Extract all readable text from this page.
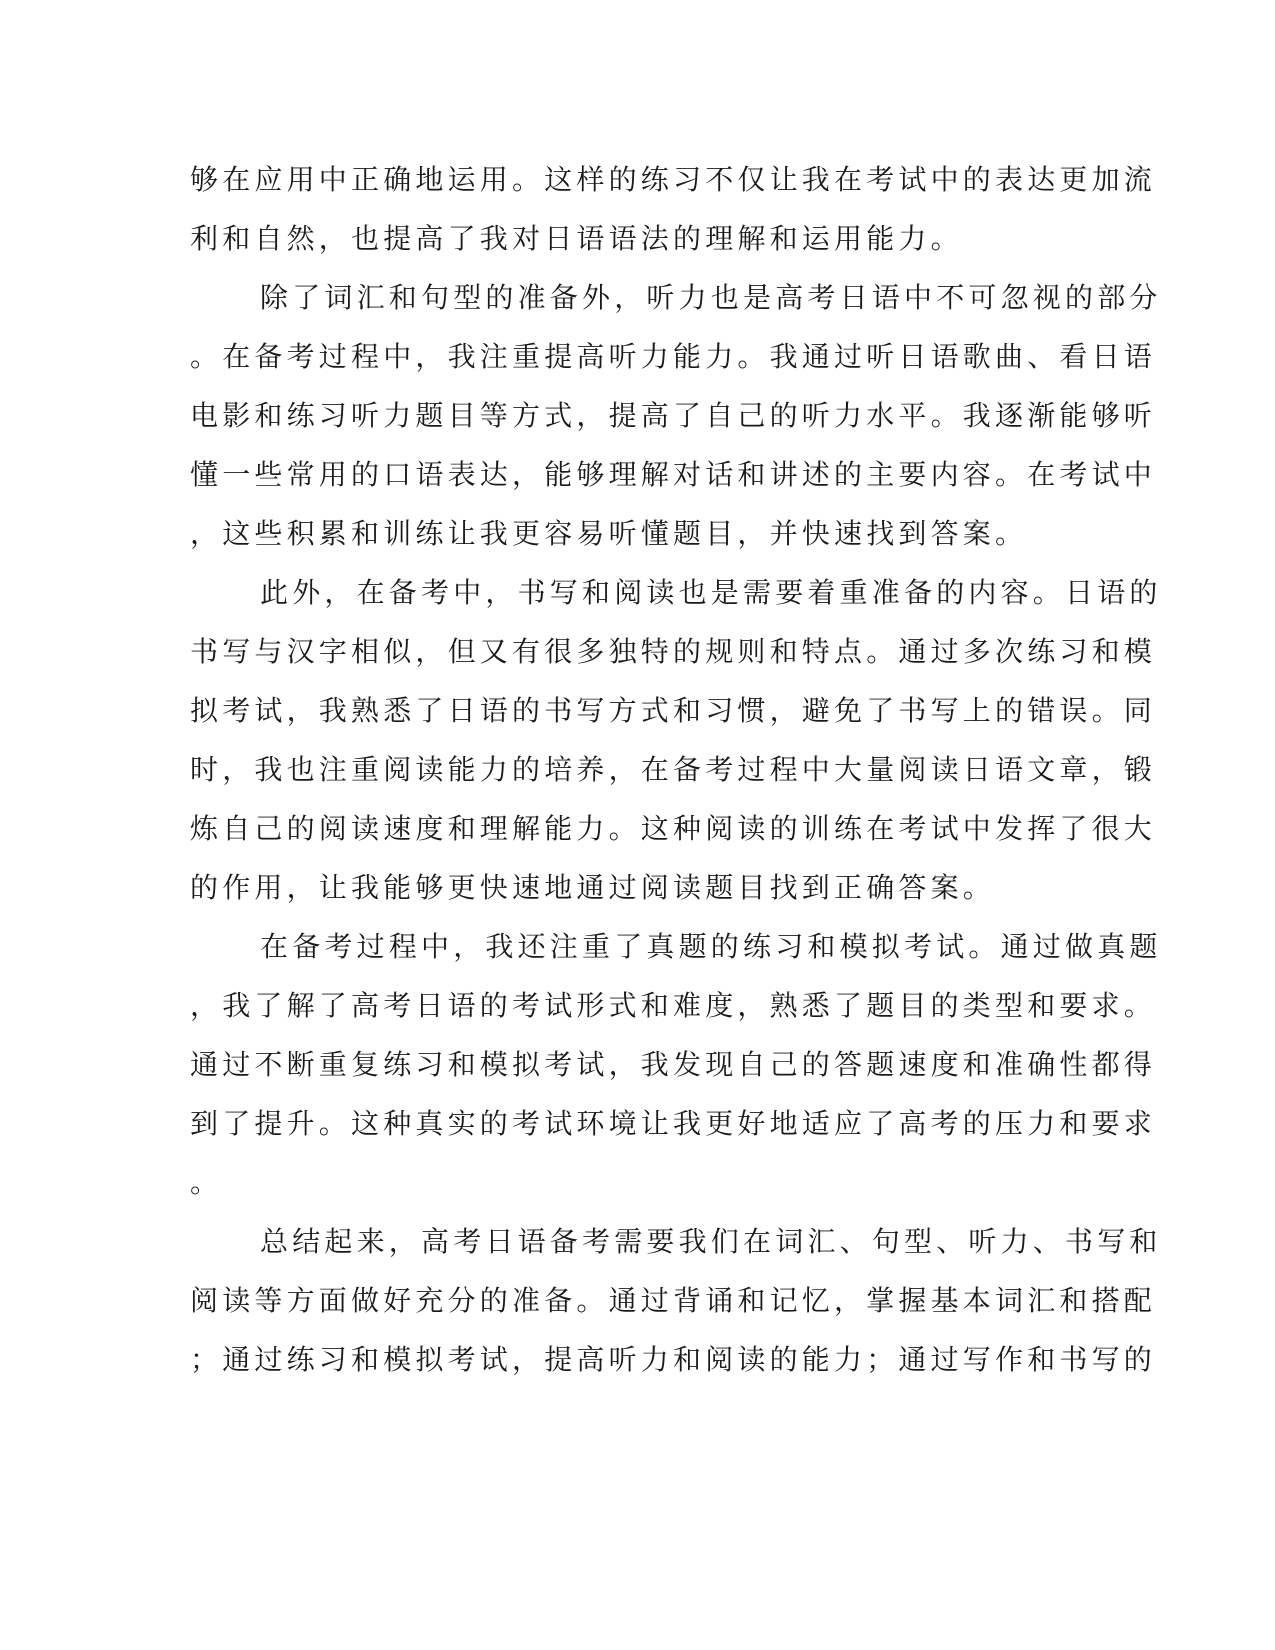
够在应用中正确地运用。这样的练习不仅让我在考试中的表达更加流
利和自然，也提高了我对日语语法的理解和运用能力。
除了词汇和句型的准备外，听力也是高考日语中不可忽视的部分
。在备考过程中，我注重提高听力能力。我通过听日语歌曲、看日语
电影和练习听力题目等方式，提高了自己的听力水平。我逐渐能够听
懂一些常用的口语表达，能够理解对话和讲述的主要内容。在考试中
，这些积累和训练让我更容易听懂题目，并快速找到答案。
此外，在备考中，书写和阅读也是需要着重准备的内容。日语的
书写与汉字相似，但又有很多独特的规则和特点。通过多次练习和模
拟考试，我熟悉了日语的书写方式和习惯，避免了书写上的错误。同
时，我也注重阅读能力的培养，在备考过程中大量阅读日语文章，锻
炼自己的阅读速度和理解能力。这种阅读的训练在考试中发挥了很大
的作用，让我能够更快速地通过阅读题目找到正确答案。
在备考过程中，我还注重了真题的练习和模拟考试。通过做真题
，我了解了高考日语的考试形式和难度，熟悉了题目的类型和要求。
通过不断重复练习和模拟考试，我发现自己的答题速度和准确性都得
到了提升。这种真实的考试环境让我更好地适应了高考的压力和要求
。
总结起来，高考日语备考需要我们在词汇、句型、听力、书写和
阅读等方面做好充分的准备。通过背诵和记忆，掌握基本词汇和搭配
；通过练习和模拟考试，提高听力和阅读的能力；通过写作和书写的
